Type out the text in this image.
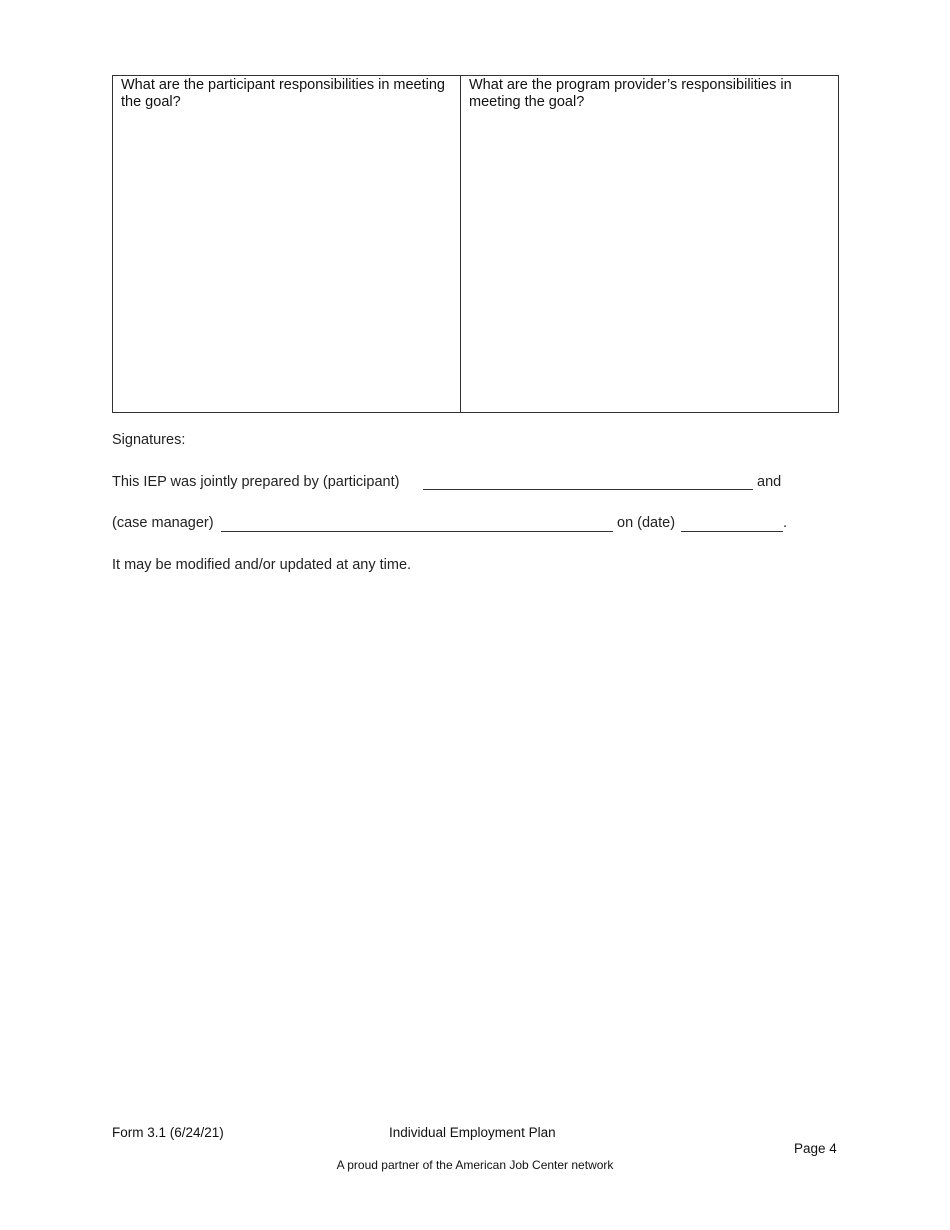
What are the participant responsibilities in meeting the goal?
What are the program provider’s responsibilities in meeting the goal?
Signatures:
This IEP was jointly prepared by (participant)	and
(case manager)	on (date)	.
It may be modified and/or updated at any time.
Form 3.1 (6/24/21)	Individual Employment Plan
Page 4
A proud partner of the American Job Center network
